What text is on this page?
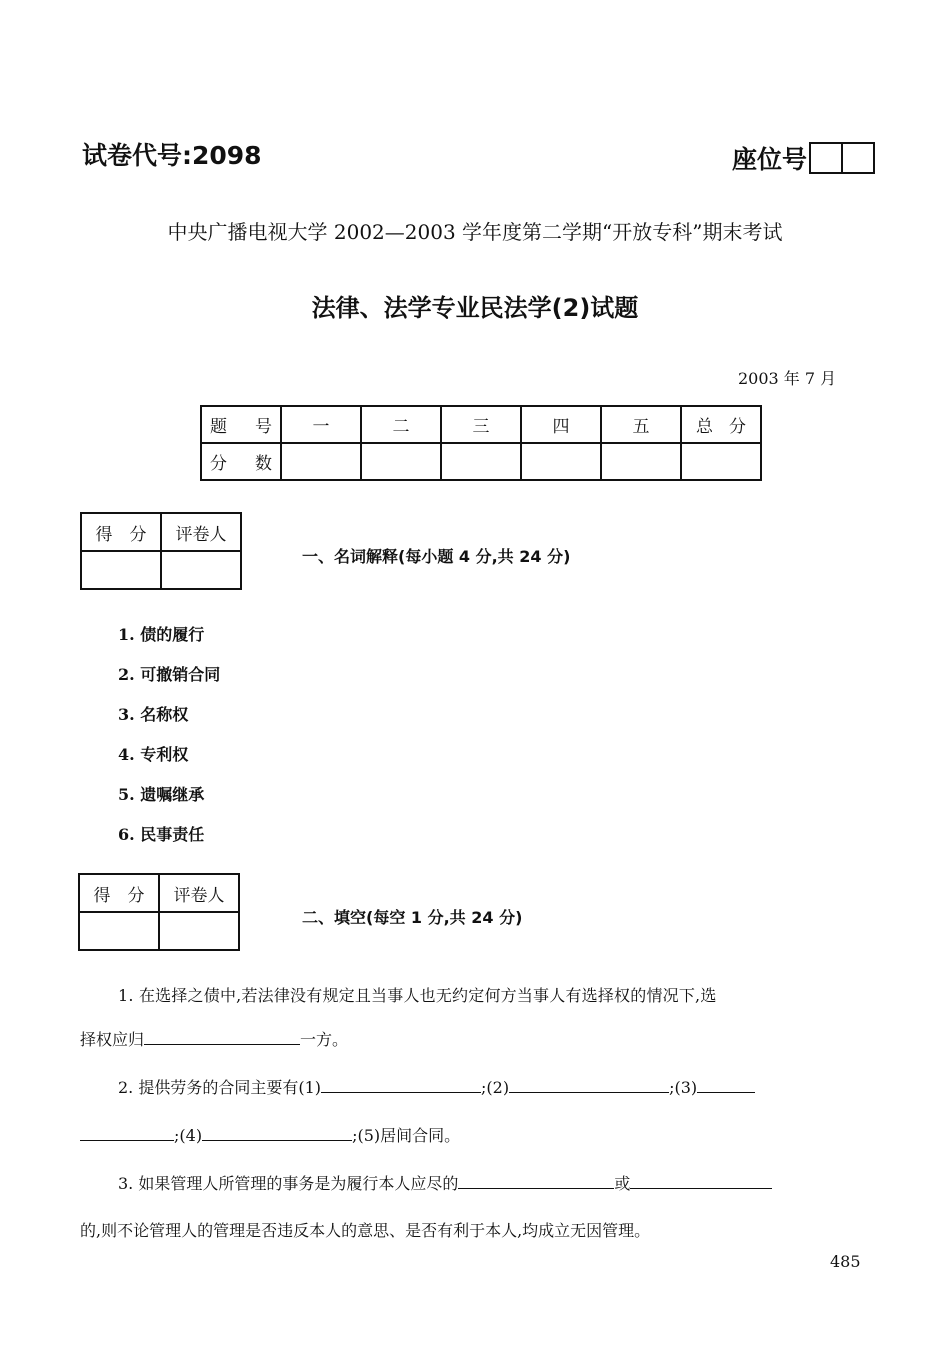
试卷代号:2098	座位号
中央广播电视大学 2002—2003 学年度第二学期“开放专科”期末考试
法律、法学专业民法学(2)试题
2003 年 7 月
题 号	一	二	三	四	五	总 分

分 数						

得　分	评卷人

一、名词解释(每小题 4 分,共 24 分)
1. 债的履行
2. 可撤销合同
3. 名称权
4. 专利权
5. 遗嘱继承
6. 民事责任
得　分	评卷人

二、填空(每空 1 分,共 24 分)
1. 在选择之债中,若法律没有规定且当事人也无约定何方当事人有选择权的情况下,选
择权应归	一方。
2. 提供劳务的合同主要有(1)	;(2)	;(3)
;(4)	;(5)居间合同。
3. 如果管理人所管理的事务是为履行本人应尽的	或
的,则不论管理人的管理是否违反本人的意思、是否有利于本人,均成立无因管理。
485
